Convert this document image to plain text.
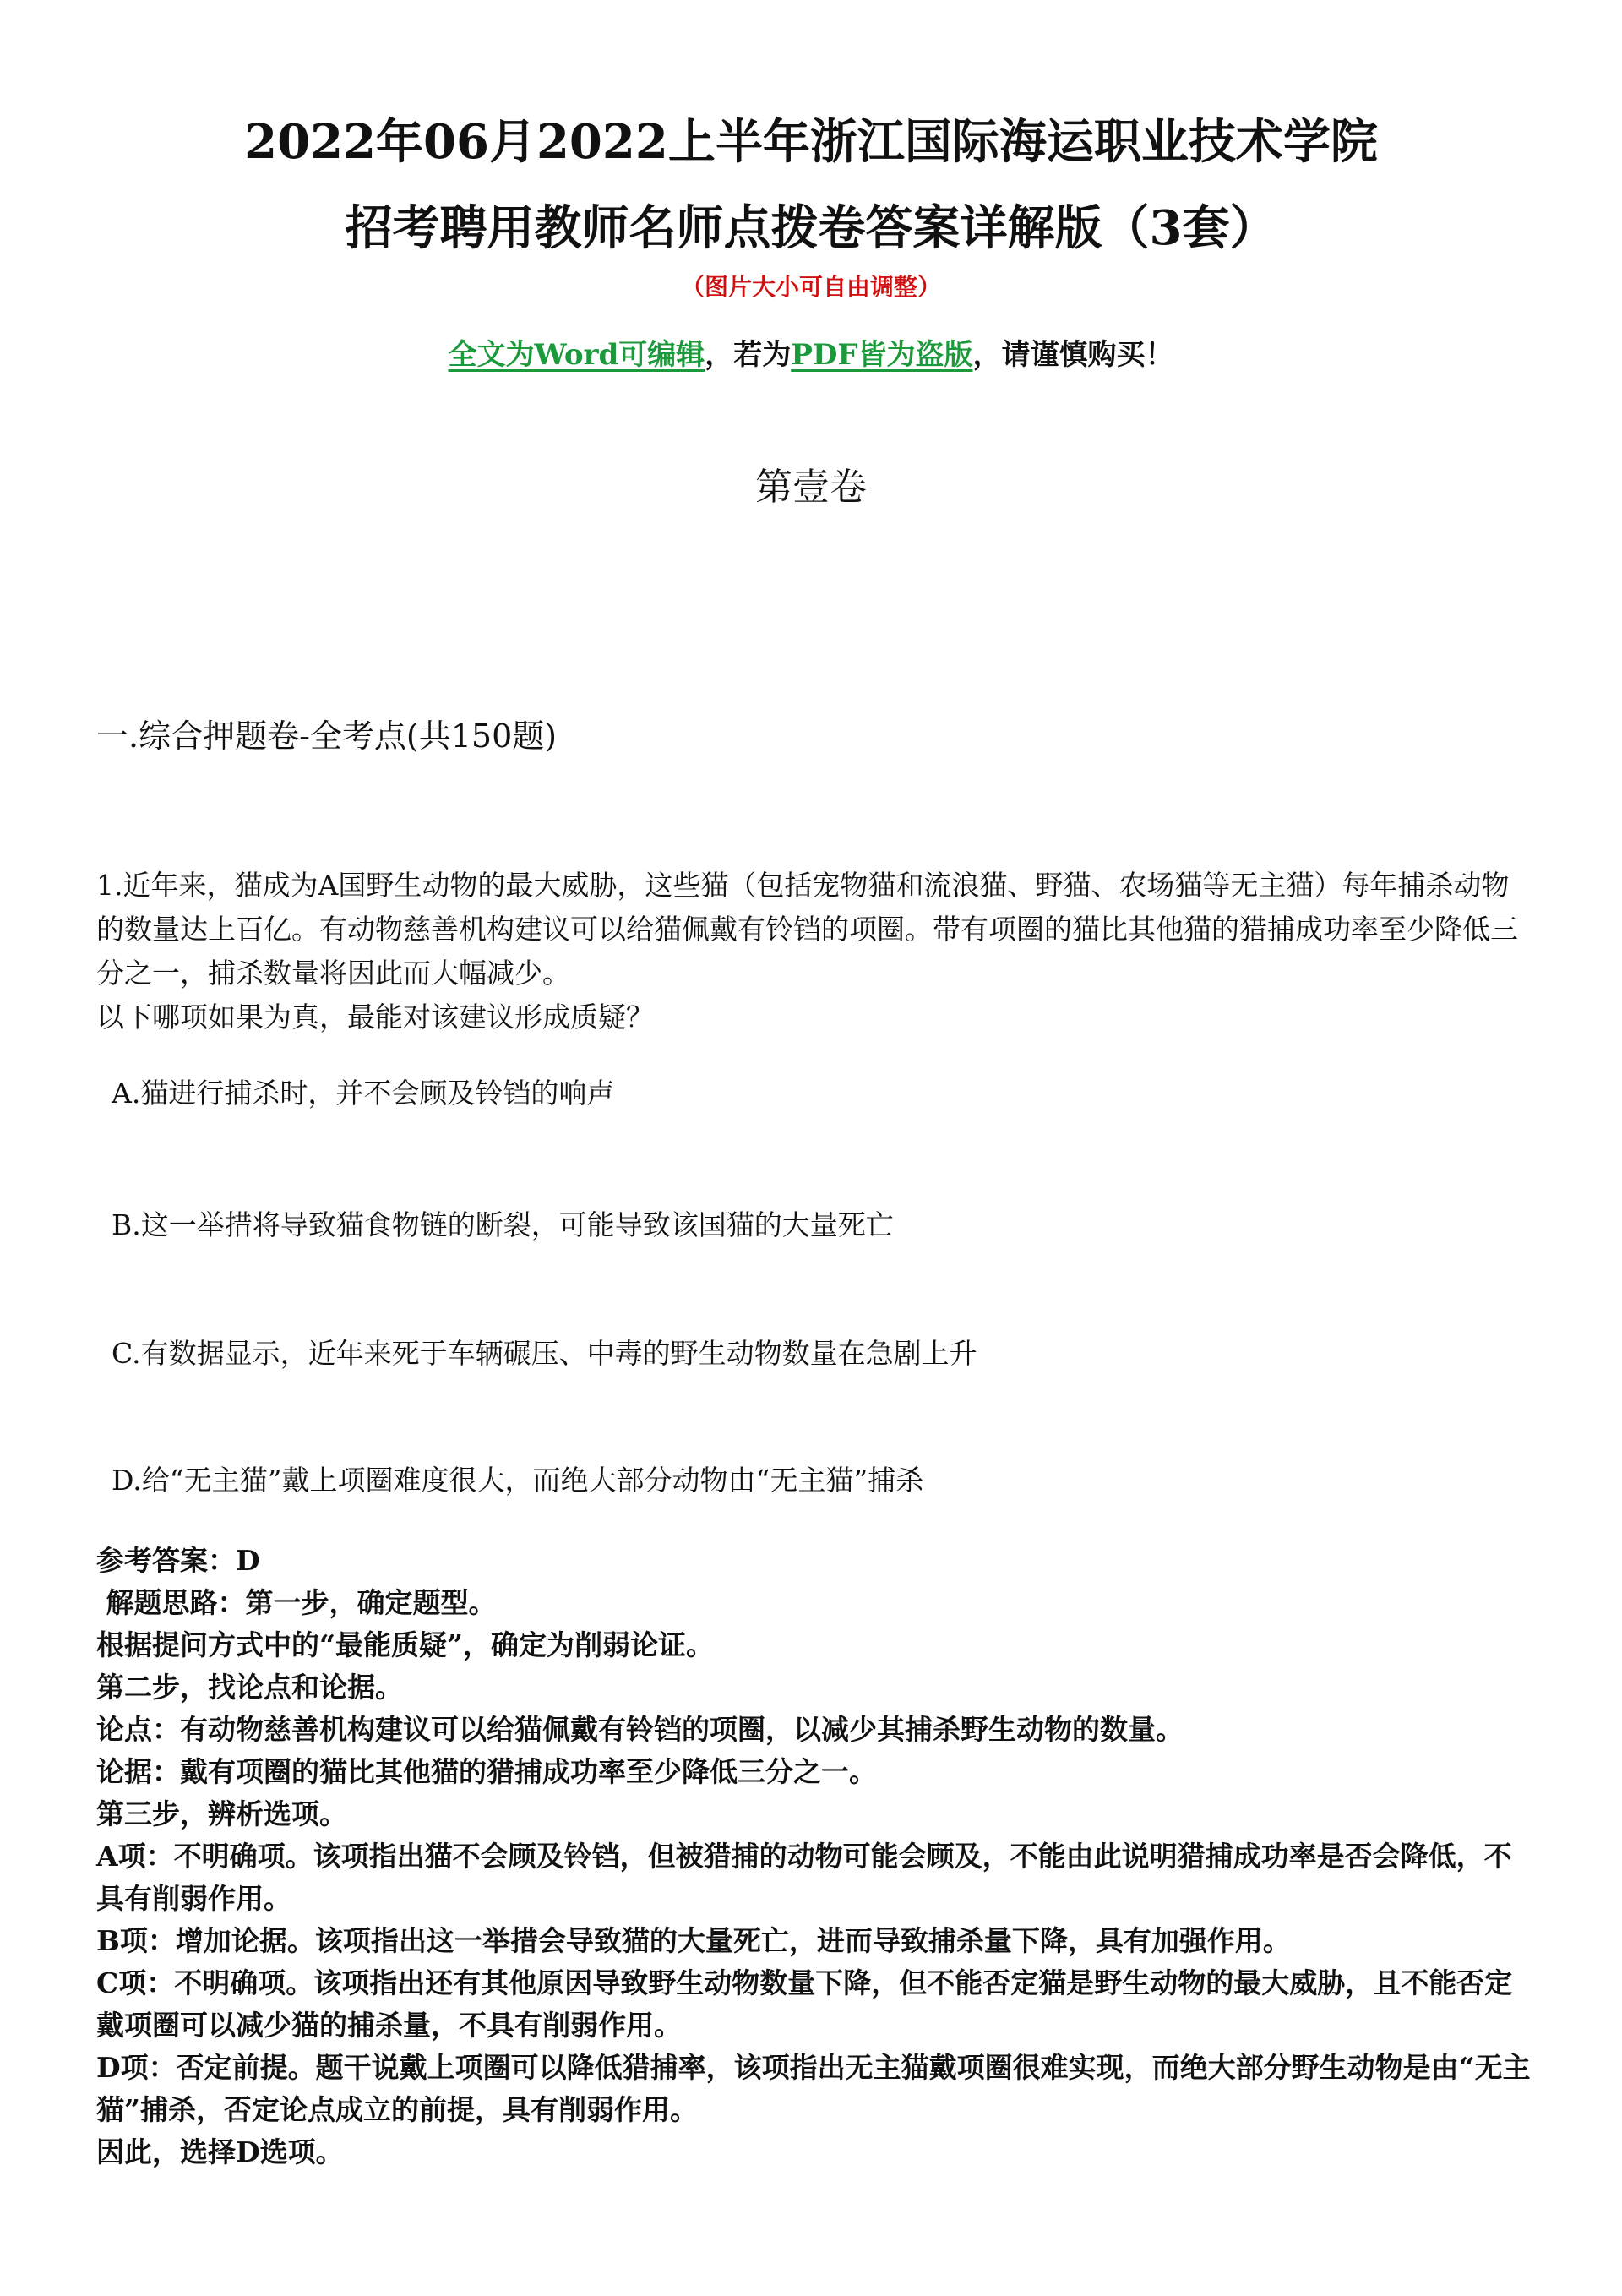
2022年06月2022上半年浙江国际海运职业技术学院
招考聘用教师名师点拨卷答案详解版（3套）
（图片大小可自由调整）
全文为Word可编辑，若为PDF皆为盗版，请谨慎购买！
第壹卷
一.综合押题卷-全考点(共150题)
1.近年来，猫成为A国野生动物的最大威胁，这些猫（包括宠物猫和流浪猫、野猫、农场猫等无主猫）每年捕杀动物的数量达上百亿。有动物慈善机构建议可以给猫佩戴有铃铛的项圈。带有项圈的猫比其他猫的猎捕成功率至少降低三分之一，捕杀数量将因此而大幅减少。
以下哪项如果为真，最能对该建议形成质疑？
A.猫进行捕杀时，并不会顾及铃铛的响声
B.这一举措将导致猫食物链的断裂，可能导致该国猫的大量死亡
C.有数据显示，近年来死于车辆碾压、中毒的野生动物数量在急剧上升
D.给“无主猫”戴上项圈难度很大，而绝大部分动物由“无主猫”捕杀
参考答案：D
解题思路：第一步，确定题型。
根据提问方式中的“最能质疑”，确定为削弱论证。
第二步，找论点和论据。
论点：有动物慈善机构建议可以给猫佩戴有铃铛的项圈，以减少其捕杀野生动物的数量。
论据：戴有项圈的猫比其他猫的猎捕成功率至少降低三分之一。
第三步，辨析选项。
A项：不明确项。该项指出猫不会顾及铃铛，但被猎捕的动物可能会顾及，不能由此说明猎捕成功率是否会降低，不具有削弱作用。
B项：增加论据。该项指出这一举措会导致猫的大量死亡，进而导致捕杀量下降，具有加强作用。
C项：不明确项。该项指出还有其他原因导致野生动物数量下降，但不能否定猫是野生动物的最大威胁，且不能否定戴项圈可以减少猫的捕杀量，不具有削弱作用。
D项：否定前提。题干说戴上项圈可以降低猎捕率，该项指出无主猫戴项圈很难实现，而绝大部分野生动物是由“无主猫”捕杀，否定论点成立的前提，具有削弱作用。
因此，选择D选项。
